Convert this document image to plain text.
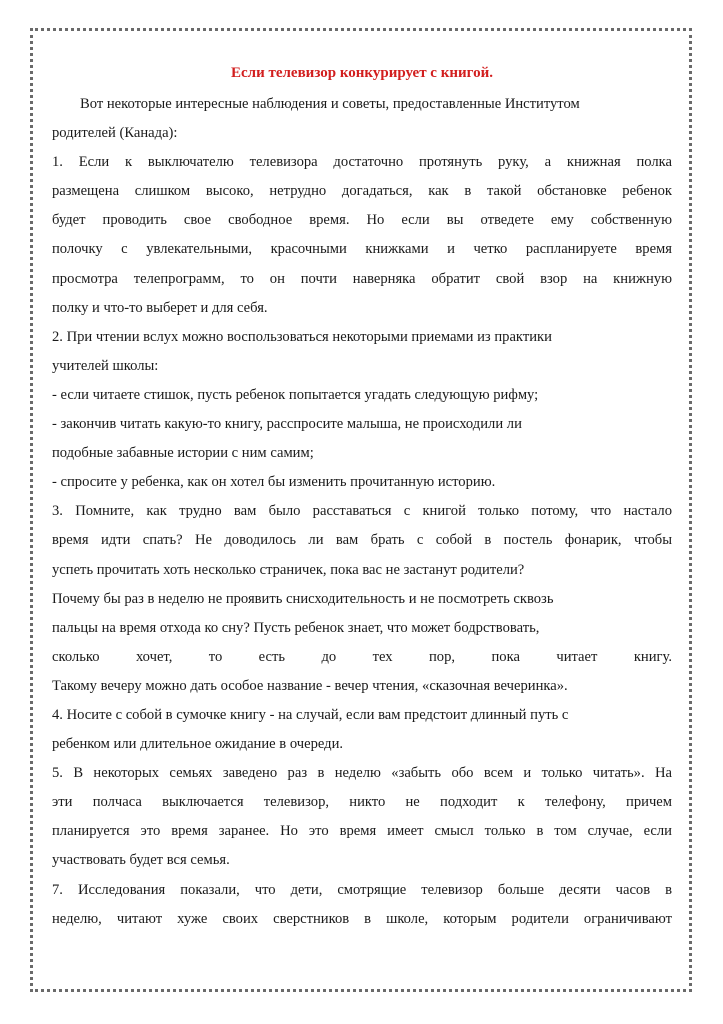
Если телевизор конкурирует с книгой.
Вот некоторые интересные наблюдения и советы, предоставленные Институтом
родителей (Канада):
1. Если к выключателю телевизора достаточно протянуть руку, а книжная полка
размещена слишком высоко, нетрудно догадаться, как в такой обстановке ребенок
будет проводить свое свободное время. Но если вы отведете ему собственную
полочку с увлекательными, красочными книжками и четко распланируете время
просмотра телепрограмм, то он почти наверняка обратит свой взор на книжную
полку и что-то выберет и для себя.
2. При чтении вслух можно воспользоваться некоторыми приемами из практики
учителей школы:
- если читаете стишок, пусть ребенок попытается угадать следующую рифму;
- закончив читать какую-то книгу, расспросите малыша, не происходили ли
подобные забавные истории с ним самим;
- спросите у ребенка, как он хотел бы изменить прочитанную историю.
3. Помните, как трудно вам было расставаться с книгой только потому, что настало
время идти спать? Не доводилось ли вам брать с собой в постель фонарик, чтобы
успеть прочитать хоть несколько страничек, пока вас не застанут родители?
Почему бы раз в неделю не проявить снисходительность и не посмотреть сквозь
пальцы на время отхода ко сну? Пусть ребенок знает, что может бодрствовать,
сколько хочет, то есть до тех пор, пока читает книгу.
Такому вечеру можно дать особое название - вечер чтения, «сказочная вечеринка».
4. Носите с собой в сумочке книгу - на случай, если вам предстоит длинный путь с
ребенком или длительное ожидание в очереди.
5. В некоторых семьях заведено раз в неделю «забыть обо всем и только читать». На
эти полчаса выключается телевизор, никто не подходит к телефону, причем
планируется это время заранее. Но это время имеет смысл только в том случае, если
участвовать будет вся семья.
7. Исследования показали, что дети, смотрящие телевизор больше десяти часов в
неделю, читают хуже своих сверстников в школе, которым родители ограничивают
